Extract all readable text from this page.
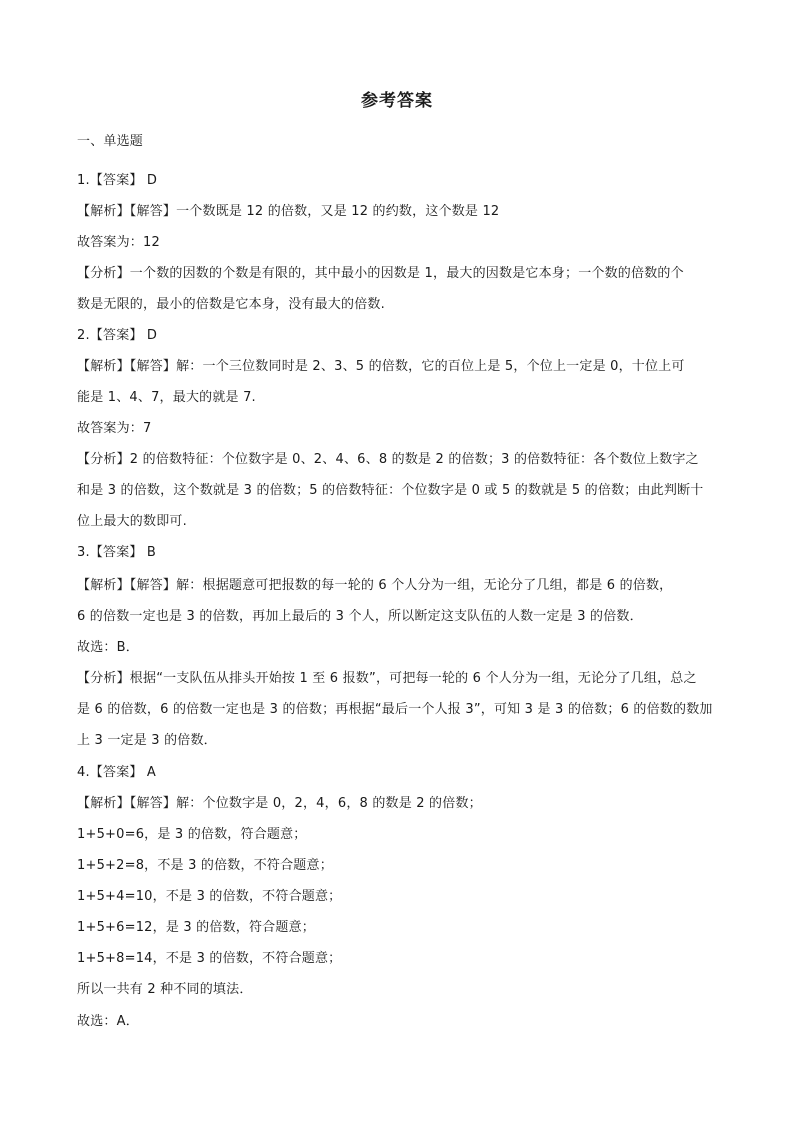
参考答案
一、单选题
1.【答案】 D
【解析】【解答】一个数既是 12 的倍数，又是 12 的约数，这个数是 12
故答案为：12
【分析】一个数的因数的个数是有限的，其中最小的因数是 1，最大的因数是它本身；一个数的倍数的个
数是无限的，最小的倍数是它本身，没有最大的倍数.
2.【答案】 D
【解析】【解答】解：一个三位数同时是 2、3、5 的倍数，它的百位上是 5，个位上一定是 0，十位上可
能是 1、4、7，最大的就是 7.
故答案为：7
【分析】2 的倍数特征：个位数字是 0、2、4、6、8 的数是 2 的倍数；3 的倍数特征：各个数位上数字之
和是 3 的倍数，这个数就是 3 的倍数；5 的倍数特征：个位数字是 0 或 5 的数就是 5 的倍数；由此判断十
位上最大的数即可.
3.【答案】 B
【解析】【解答】解：根据题意可把报数的每一轮的 6 个人分为一组，无论分了几组，都是 6 的倍数，
6 的倍数一定也是 3 的倍数，再加上最后的 3 个人，所以断定这支队伍的人数一定是 3 的倍数．
故选：B．
【分析】根据“一支队伍从排头开始按 1 至 6 报数”，可把每一轮的 6 个人分为一组，无论分了几组，总之
是 6 的倍数，6 的倍数一定也是 3 的倍数；再根据“最后一个人报 3”，可知 3 是 3 的倍数；6 的倍数的数加
上 3 一定是 3 的倍数．
4.【答案】 A
【解析】【解答】解：个位数字是 0，2，4，6，8 的数是 2 的倍数；
1+5+0=6，是 3 的倍数，符合题意；
1+5+2=8，不是 3 的倍数，不符合题意；
1+5+4=10，不是 3 的倍数，不符合题意；
1+5+6=12，是 3 的倍数，符合题意；
1+5+8=14，不是 3 的倍数，不符合题意；
所以一共有 2 种不同的填法．
故选：A．
